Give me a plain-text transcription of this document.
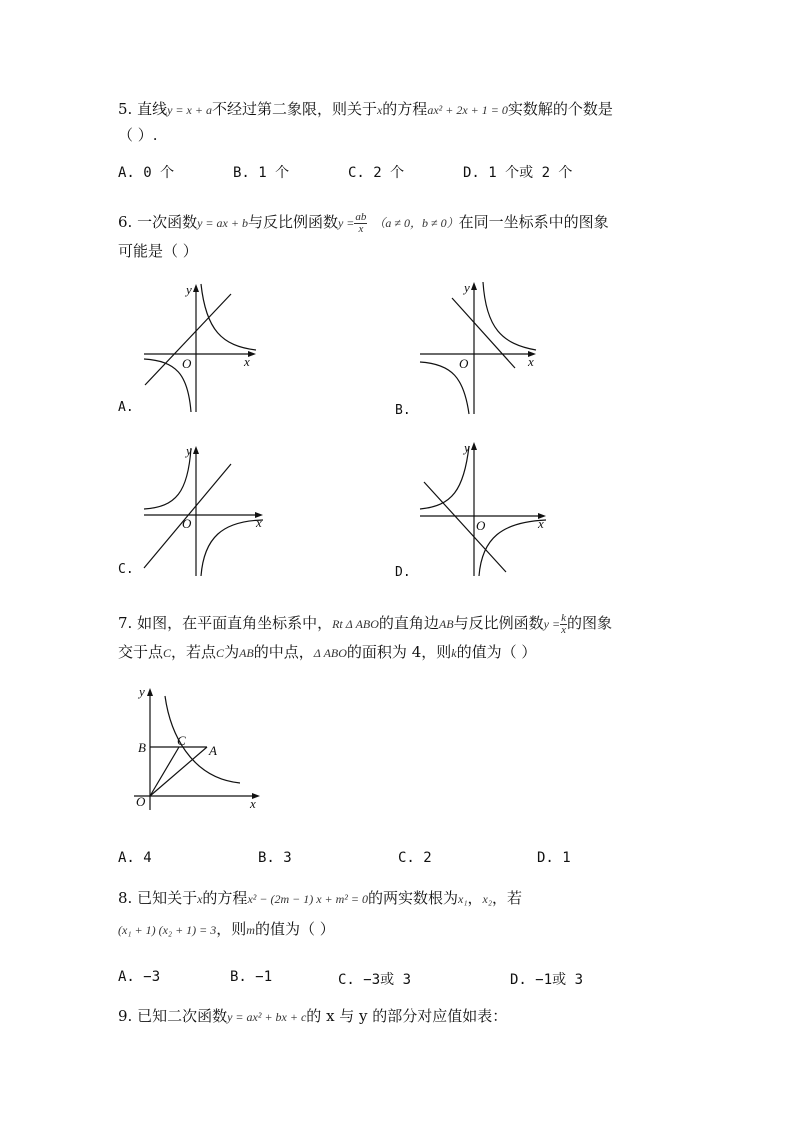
5. 直线y = x + a不经过第二象限，则关于x的方程ax² + 2x + 1 = 0实数解的个数是
（ ）.
A. 0 个	B. 1 个	C. 2 个	D. 1 个或 2 个
6. 一次函数y = ax + b与反比例函数$y = \frac{ab}{x} (a \ne 0$，b ≠ 0）在同一坐标系中的图象
可能是（ ）
x
y
O
A.
x
y
O
B.
x
y
O
C.
x
y
O
D.
7. 如图，在平面直角坐标系中，Rt Δ ABO的直角边AB与反比例函数$y = \frac{k}{x}$ 的图象
交于点C，若点C为AB的中点，Δ ABO的面积为 4，则k的值为（ ）
B C
A
O	x
y
A. 4	B. 3	C. 2	D. 1
8. 已知关于x的方程x² − (2m − 1) x + m² = 0的两实数根为x₁，x₂，若
(x₁ + 1) (x₂ + 1) = 3，则m的值为（ ）
A. −3	B. −1	C. −3或 3	D. −1或 3
9. 已知二次函数y = ax² + bx + c的 x 与 y 的部分对应值如表：
